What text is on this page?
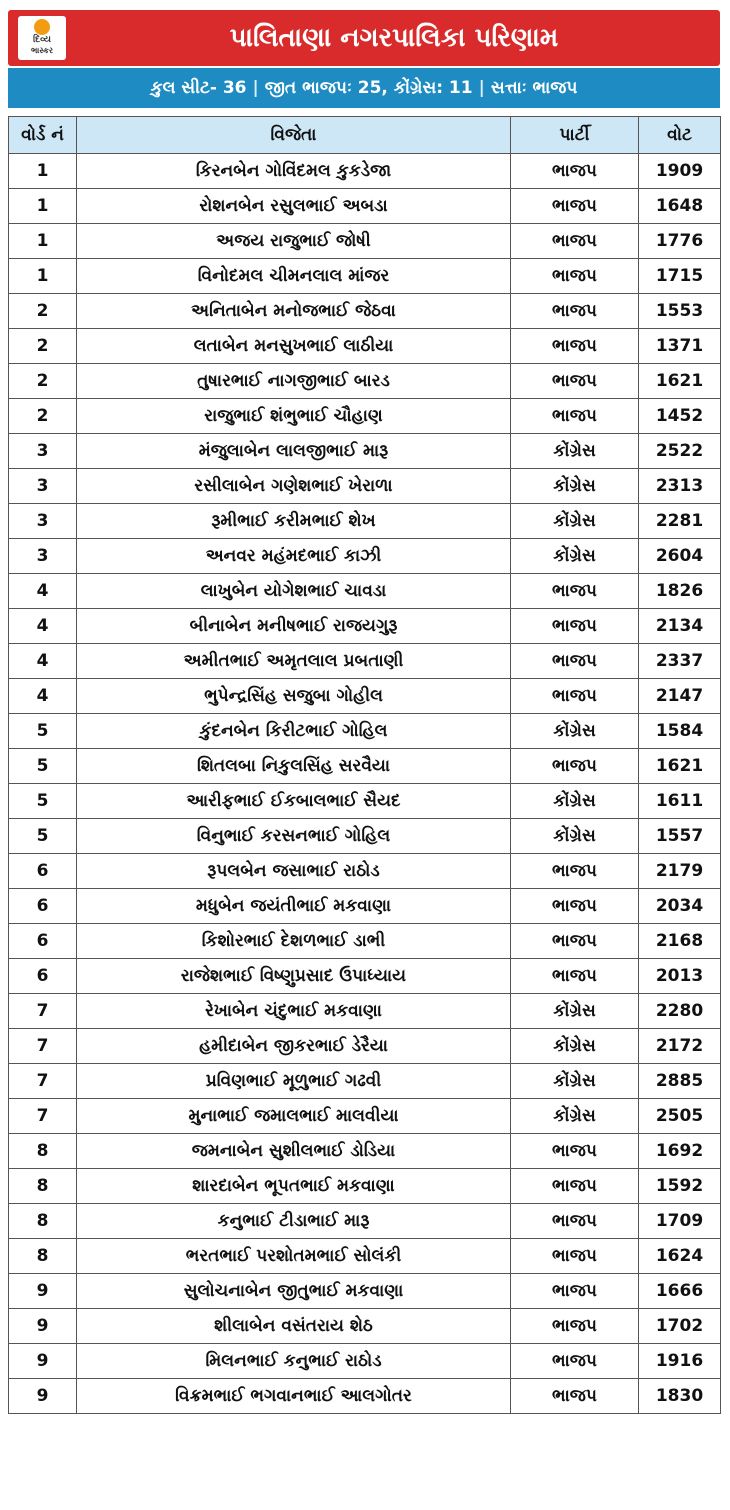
દિવ્ય
ભાસ્કર	પાલિતાણા નગરપાલિકા પરિણામ
કુલ સીટ- 36 | જીત ભાજપઃ 25, કોંગ્રેસ: 11 | સત્તાઃ ભાજપ
વોર્ડ નં	વિજેતા	પાર્ટી	વોટ
1	કિરનબેન ગોવિંદમલ કુકડેજા	ભાજપ	1909
1	રોશનબેન રસુલભાઈ અબડા	ભાજપ	1648
1	અજય રાજુભાઈ જોષી	ભાજપ	1776
1	વિનોદમલ ચીમનલાલ માંજર	ભાજપ	1715
2	અનિતાબેન મનોજભાઈ જેઠવા	ભાજપ	1553
2	લતાબેન મનસુખભાઈ લાઠીયા	ભાજપ	1371
2	તુષારભાઈ નાગજીભાઈ બારડ	ભાજપ	1621
2	રાજુભાઈ શંભુભાઈ ચૌહાણ	ભાજપ	1452
3	મંજુલાબેન લાલજીભાઈ મારૂ	કોંગ્રેસ	2522
3	રસીલાબેન ગણેશભાઈ ખેરાળા	કોંગ્રેસ	2313
3	રૂમીભાઈ કરીમભાઈ શેખ	કોંગ્રેસ	2281
3	અનવર મહંમદભાઈ કાઝી	કોંગ્રેસ	2604
4	લાખુબેન યોગેશભાઈ ચાવડા	ભાજપ	1826
4	બીનાબેન મનીષભાઈ રાજયગુરૂ	ભાજપ	2134
4	અમીતભાઈ અમૃતલાલ પ્રબતાણી	ભાજપ	2337
4	ભુપેન્દ્રસિંહ સજુબા ગોહીલ	ભાજપ	2147
5	કુંદનબેન કિરીટભાઈ ગોહિલ	કોંગ્રેસ	1584
5	શિતલબા નિકુલસિંહ સરવૈયા	ભાજપ	1621
5	આરીફભાઈ ઈકબાલભાઈ સૈયદ	કોંગ્રેસ	1611
5	વિનુભાઈ કરસનભાઈ ગોહિલ	કોંગ્રેસ	1557
6	રૂપલબેન જસાભાઈ રાઠોડ	ભાજપ	2179
6	મધુબેન જયંતીભાઈ મકવાણા	ભાજપ	2034
6	કિશોરભાઈ દેશળભાઈ ડાભી	ભાજપ	2168
6	રાજેશભાઈ વિષ્ણુપ્રસાદ ઉપાધ્યાય	ભાજપ	2013
7	રેખાબેન ચંદુભાઈ મકવાણા	કોંગ્રેસ	2280
7	હમીદાબેન જીકરભાઈ ડેરૈયા	કોંગ્રેસ	2172
7	પ્રવિણભાઈ મૂળુભાઈ ગઢવી	કોંગ્રેસ	2885
7	મુનાભાઈ જમાલભાઈ માલવીયા	કોંગ્રેસ	2505
8	જમનાબેન સુશીલભાઈ ડોડિયા	ભાજપ	1692
8	શારદાબેન ભૂપતભાઈ મકવાણા	ભાજપ	1592
8	કનુભાઈ ટીડાભાઈ મારૂ	ભાજપ	1709
8	ભરતભાઈ પરશોતમભાઈ સોલંકી	ભાજપ	1624
9	સુલોચનાબેન જીતુભાઈ મકવાણા	ભાજપ	1666
9	શીલાબેન વસંતરાય શેઠ	ભાજપ	1702
9	મિલનભાઈ કનુભાઈ રાઠોડ	ભાજપ	1916
9	વિક્રમભાઈ ભગવાનભાઈ આલગોતર	ભાજપ	1830
